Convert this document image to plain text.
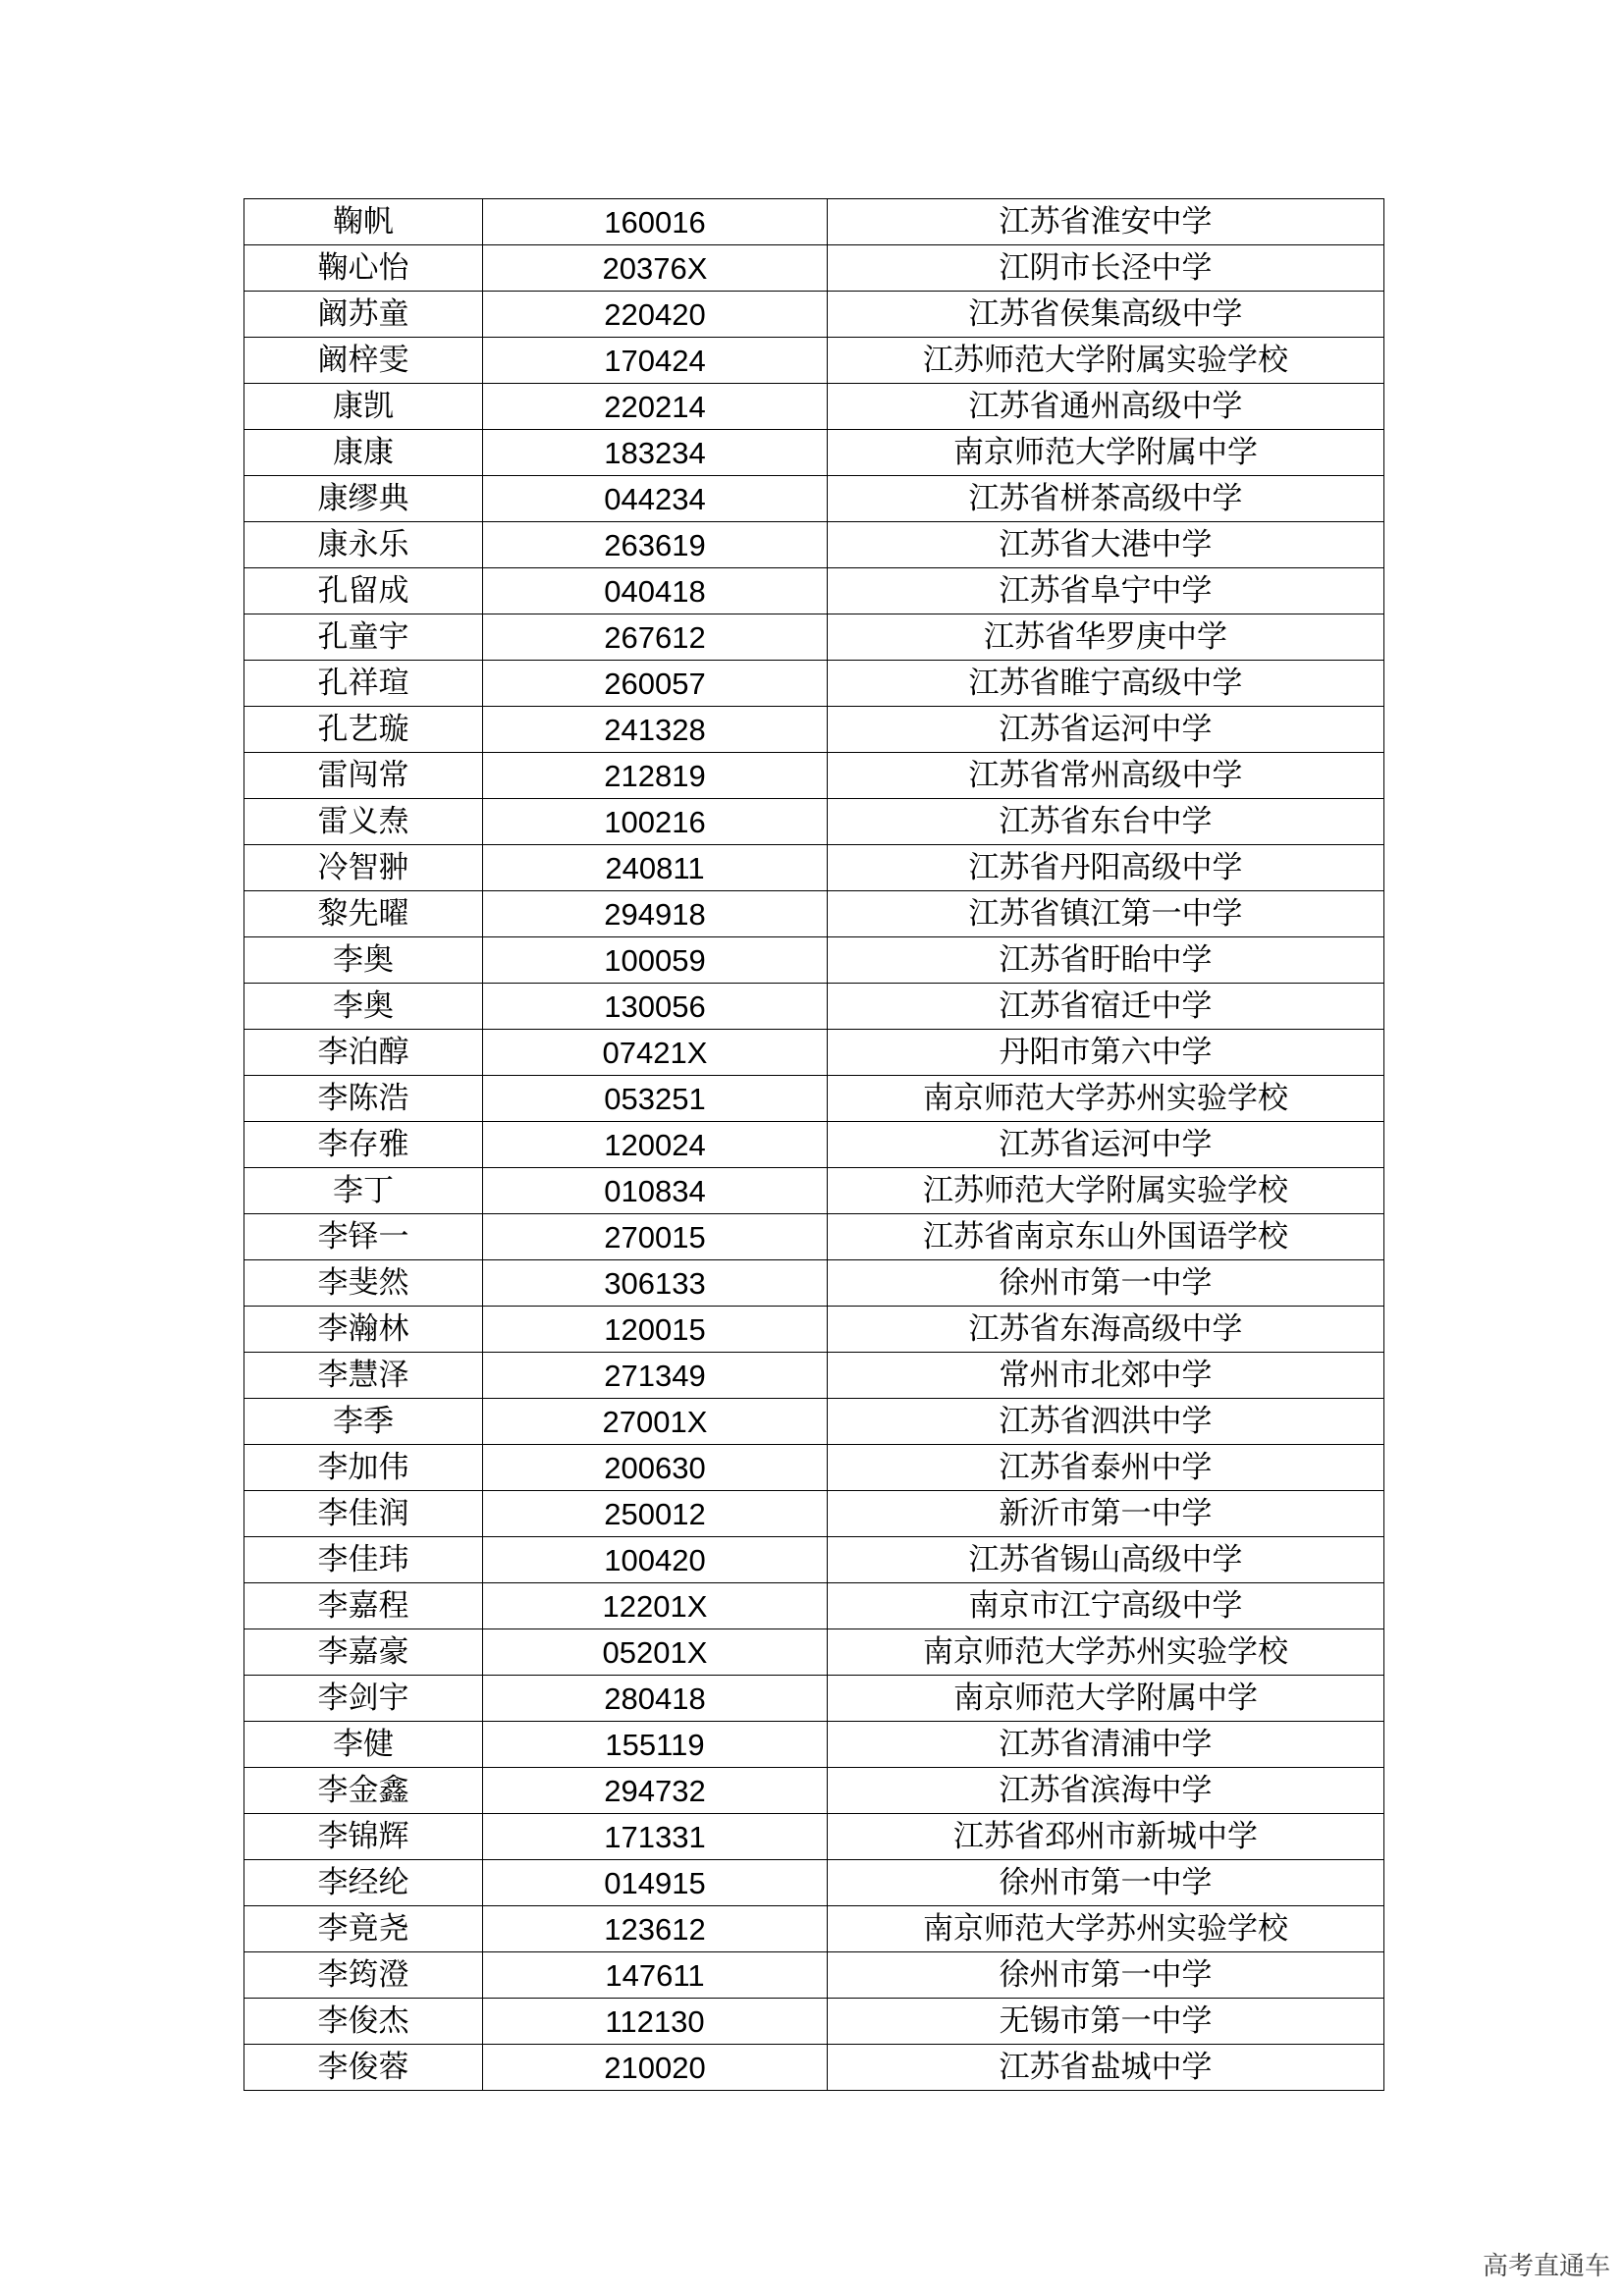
鞠帆	160016	江苏省淮安中学
鞠心怡	20376X	江阴市长泾中学
阚苏童	220420	江苏省侯集高级中学
阚梓雯	170424	江苏师范大学附属实验学校
康凯	220214	江苏省通州高级中学
康康	183234	南京师范大学附属中学
康缪典	044234	江苏省栟茶高级中学
康永乐	263619	江苏省大港中学
孔留成	040418	江苏省阜宁中学
孔童宇	267612	江苏省华罗庚中学
孔祥瑄	260057	江苏省睢宁高级中学
孔艺璇	241328	江苏省运河中学
雷闯常	212819	江苏省常州高级中学
雷义焘	100216	江苏省东台中学
冷智翀	240811	江苏省丹阳高级中学
黎先曜	294918	江苏省镇江第一中学
李奥	100059	江苏省盱眙中学
李奥	130056	江苏省宿迁中学
李泊醇	07421X	丹阳市第六中学
李陈浩	053251	南京师范大学苏州实验学校
李存雅	120024	江苏省运河中学
李丁	010834	江苏师范大学附属实验学校
李铎一	270015	江苏省南京东山外国语学校
李斐然	306133	徐州市第一中学
李瀚林	120015	江苏省东海高级中学
李慧泽	271349	常州市北郊中学
李季	27001X	江苏省泗洪中学
李加伟	200630	江苏省泰州中学
李佳润	250012	新沂市第一中学
李佳玮	100420	江苏省锡山高级中学
李嘉程	12201X	南京市江宁高级中学
李嘉豪	05201X	南京师范大学苏州实验学校
李剑宇	280418	南京师范大学附属中学
李健	155119	江苏省清浦中学
李金鑫	294732	江苏省滨海中学
李锦辉	171331	江苏省邳州市新城中学
李经纶	014915	徐州市第一中学
李竟尧	123612	南京师范大学苏州实验学校
李筠澄	147611	徐州市第一中学
李俊杰	112130	无锡市第一中学
李俊蓉	210020	江苏省盐城中学
高考直通车
